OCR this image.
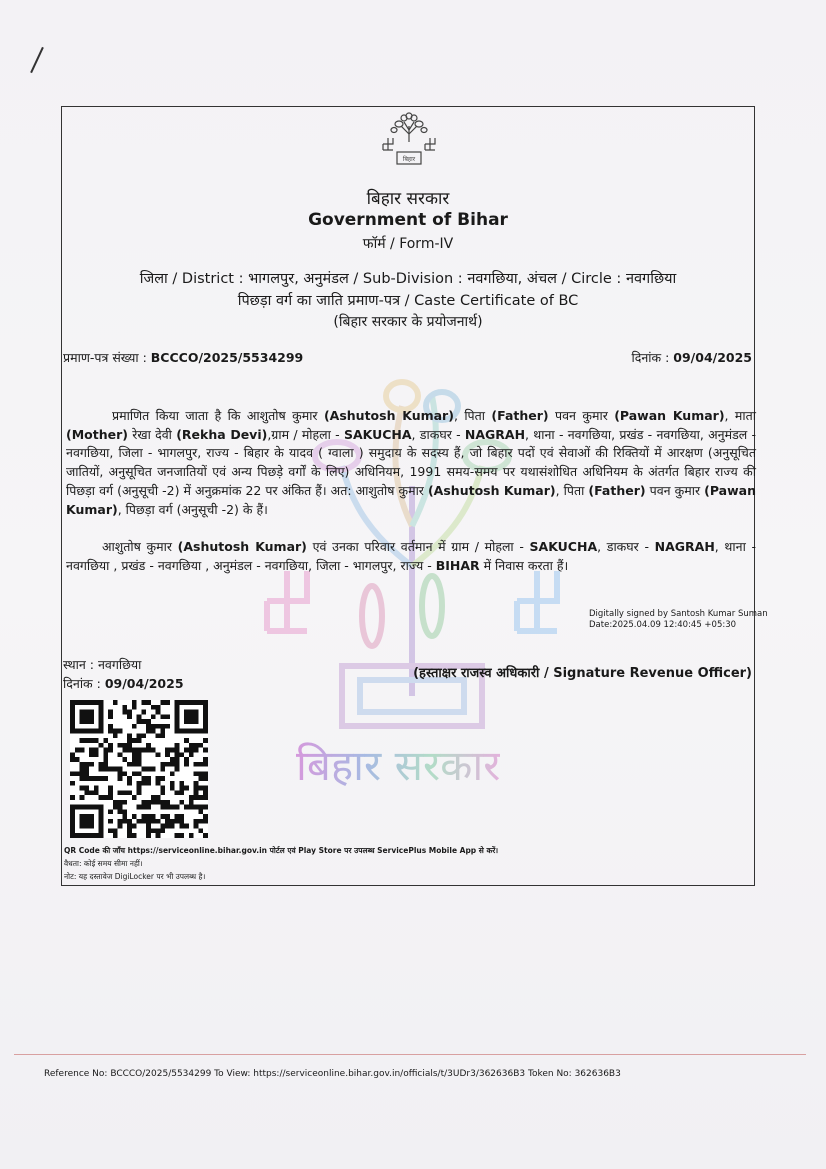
बिहार
बिहार सरकार
Government of Bihar
फॉर्म / Form-IV
जिला / District : भागलपुर, अनुमंडल / Sub-Division : नवगछिया, अंचल / Circle : नवगछिया
पिछड़ा वर्ग का जाति प्रमाण-पत्र / Caste Certificate of BC
(बिहार सरकार के प्रयोजनार्थ)
प्रमाण-पत्र संख्या : BCCCO/2025/5534299	दिनांक : 09/04/2025
बिहार सरकार
प्रमाणित किया जाता है कि आशुतोष कुमार (Ashutosh Kumar), पिता (Father) पवन कुमार (Pawan Kumar), माता (Mother) रेखा देवी (Rekha Devi),ग्राम / मोहला - SAKUCHA, डाकघर - NAGRAH, थाना - नवगछिया, प्रखंड - नवगछिया, अनुमंडल - नवगछिया, जिला - भागलपुर, राज्य - बिहार के यादव ( ग्वाला ) समुदाय के सदस्य हैं, जो बिहार पदों एवं सेवाओं की रिक्तियों में आरक्षण (अनुसूचित जातियों, अनुसूचित जनजातियों एवं अन्य पिछड़े वर्गों के लिए) अधिनियम, 1991 समय-समय पर यथासंशोधित अधिनियम के अंतर्गत बिहार राज्य की पिछड़ा वर्ग (अनुसूची -2) में अनुक्रमांक 22 पर अंकित हैं। अत: आशुतोष कुमार (Ashutosh Kumar), पिता (Father) पवन कुमार (Pawan Kumar), पिछड़ा वर्ग (अनुसूची -2) के हैं।
आशुतोष कुमार (Ashutosh Kumar) एवं उनका परिवार वर्तमान में ग्राम / मोहला - SAKUCHA, डाकघर - NAGRAH, थाना - नवगछिया , प्रखंड - नवगछिया , अनुमंडल - नवगछिया, जिला - भागलपुर, राज्य - BIHAR में निवास करता हैं।
Digitally signed by Santosh Kumar Suman
Date:2025.04.09 12:40:45 +05:30
स्थान : नवगछिया
दिनांक : 09/04/2025
(हस्ताक्षर राजस्व अधिकारी / Signature Revenue Officer)
QR Code की जाँच https://serviceonline.bihar.gov.in पोर्टल एवं Play Store पर उपलब्ध ServicePlus Mobile App से करें।
वैधता: कोई समय सीमा नहीं।
नोट: यह दस्तावेज DigiLocker पर भी उपलब्ध है।
Reference No: BCCCO/2025/5534299 To View: https://serviceonline.bihar.gov.in/officials/t/3UDr3/362636B3 Token No: 362636B3
